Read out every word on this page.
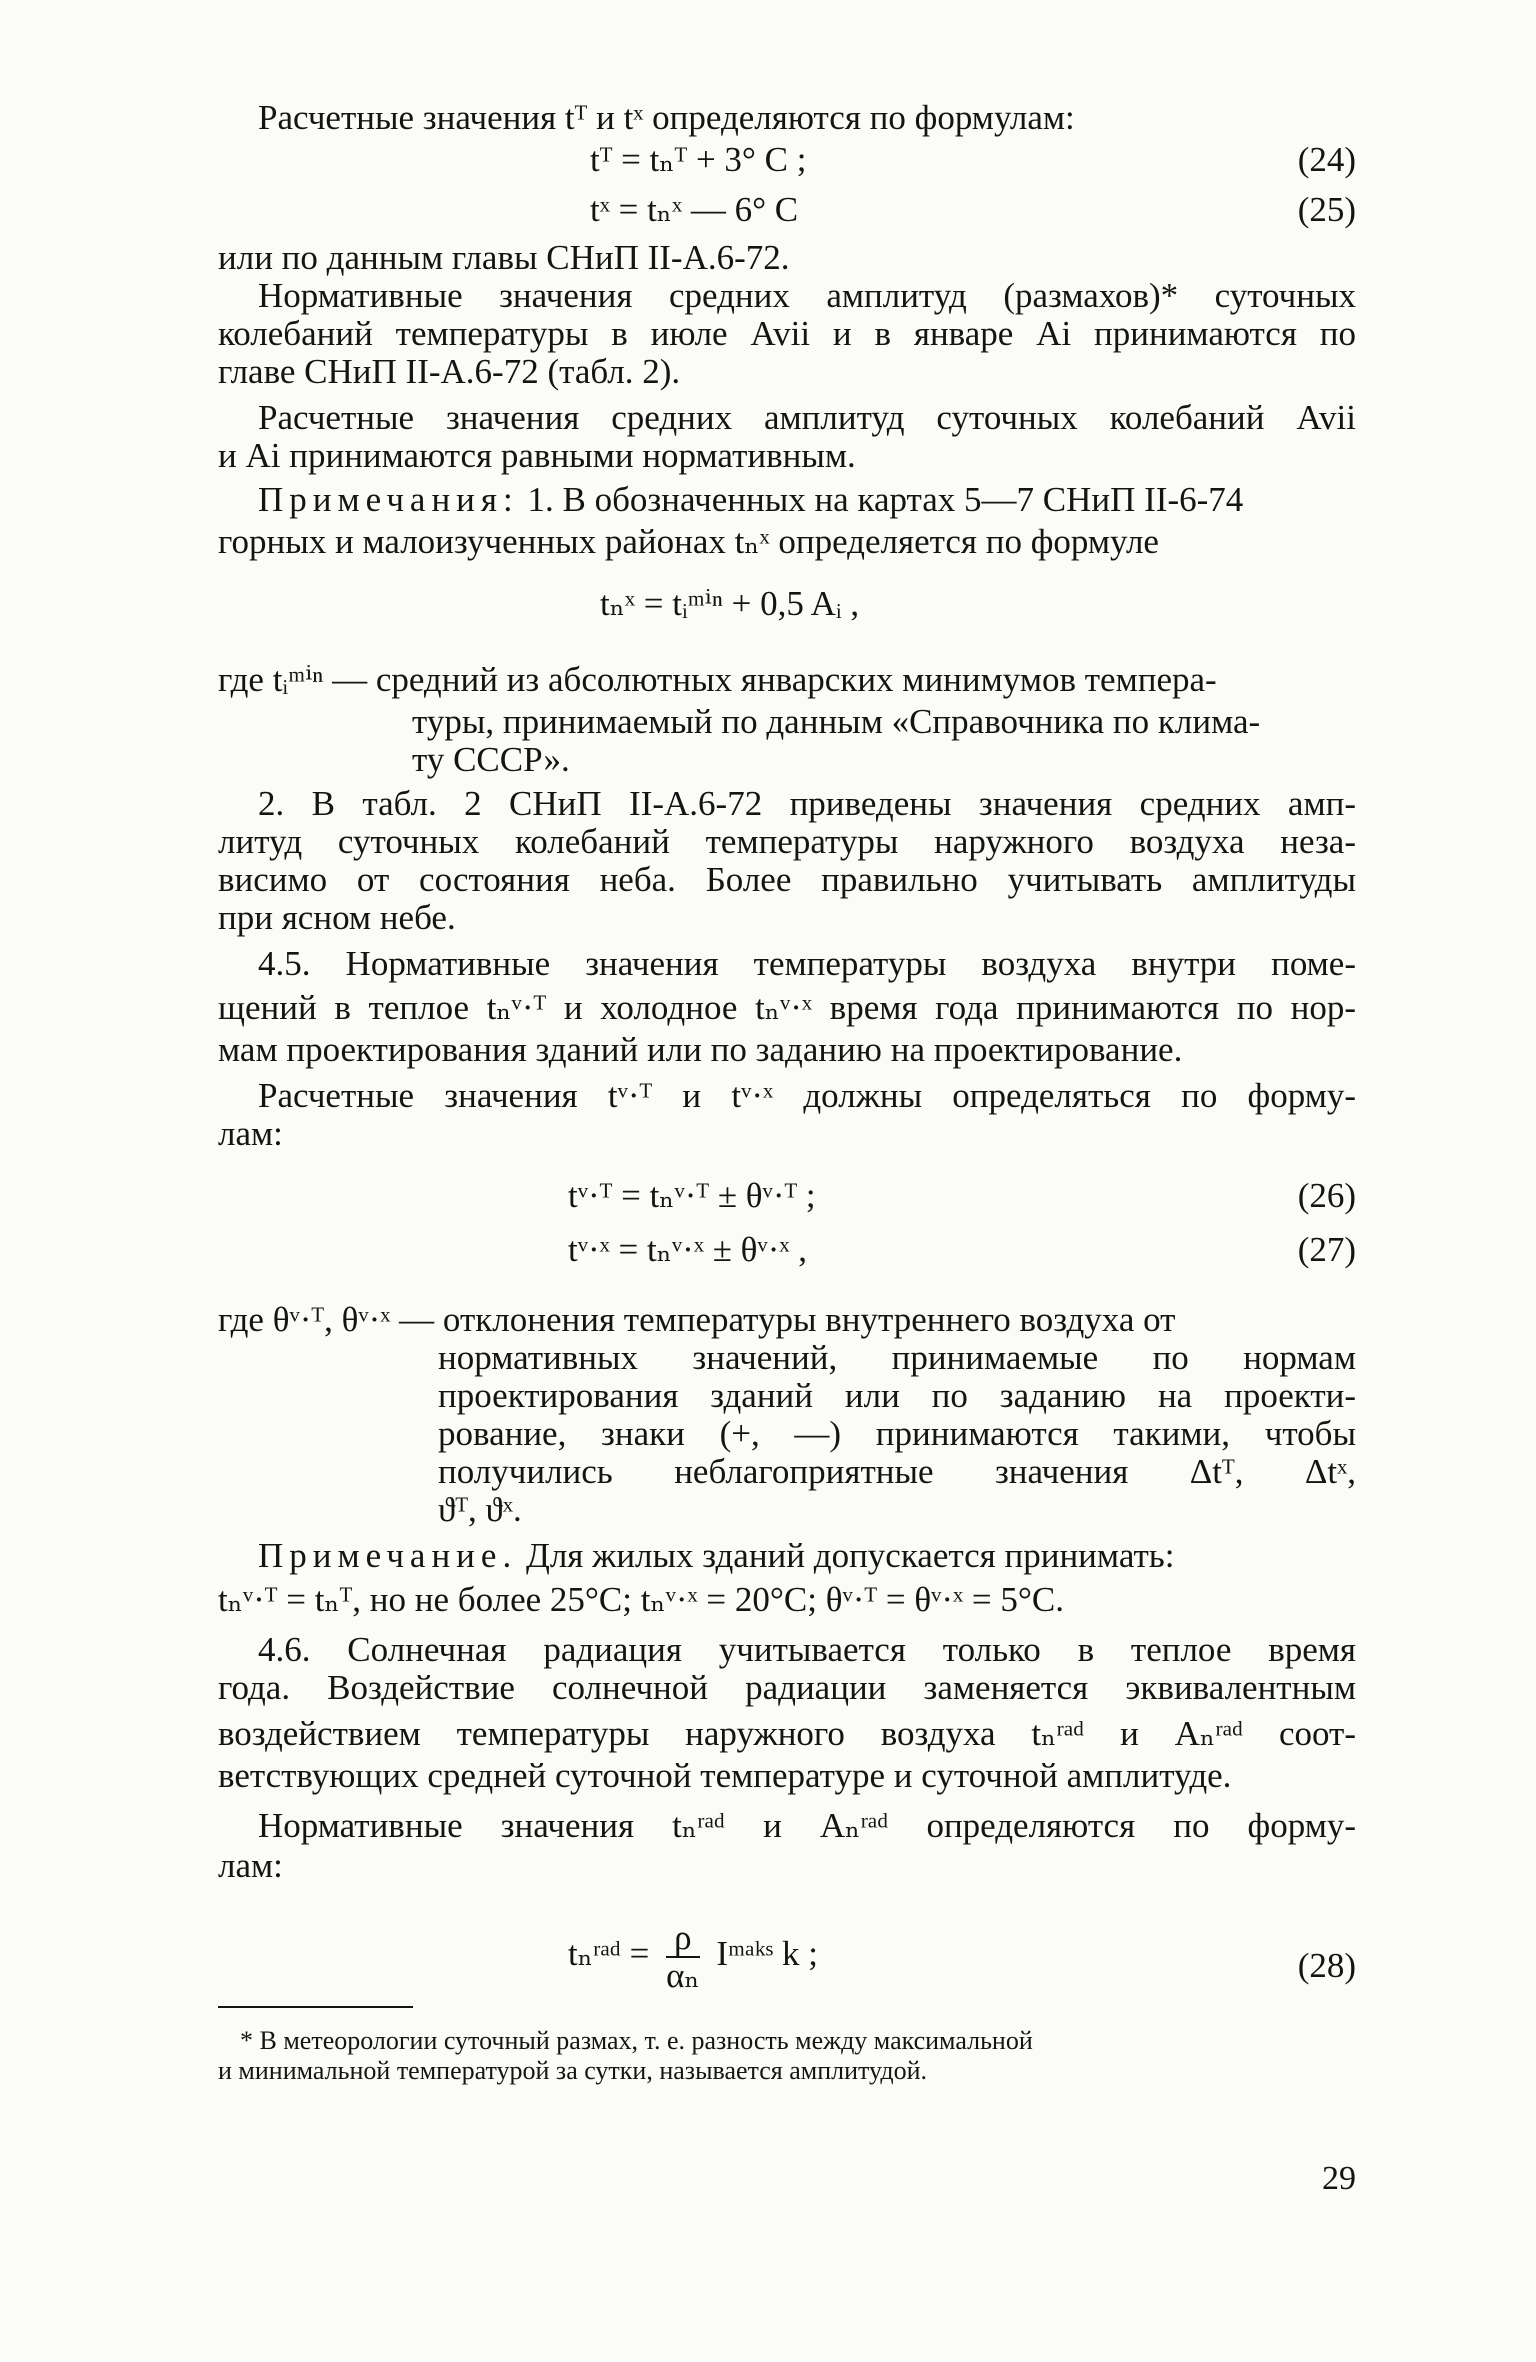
Расчетные значения tᵀ и tˣ определяются по формулам:
tᵀ = tₙᵀ + 3° C ;	(24)
tˣ = tₙˣ — 6° C	(25)
или по данным главы СНиП II-А.6-72.
Нормативные значения средних амплитуд (размахов)* суточных
колебаний температуры в июле Avii и в январе Ai принимаются по
главе СНиП II-А.6-72 (табл. 2).
Расчетные значения средних амплитуд суточных колебаний Avii
и Ai принимаются равными нормативным.
Примечания: 1. В обозначенных на картах 5—7 СНиП II-6-74
горных и малоизученных районах tₙˣ определяется по формуле
tₙˣ = tᵢᵐⁱⁿ + 0,5 Aᵢ ,
где tᵢᵐⁱⁿ — средний из абсолютных январских минимумов темпера-
туры, принимаемый по данным «Справочника по клима-
ту СССР».
2. В табл. 2 СНиП II-А.6-72 приведены значения средних амп-
литуд суточных колебаний температуры наружного воздуха неза-
висимо от состояния неба. Более правильно учитывать амплитуды
при ясном небе.
4.5. Нормативные значения температуры воздуха внутри поме-
щений в теплое tₙᵛ·ᵀ и холодное tₙᵛ·ˣ время года принимаются по нор-
мам проектирования зданий или по заданию на проектирование.
Расчетные значения tᵛ·ᵀ и tᵛ·ˣ должны определяться по форму-
лам:
tᵛ·ᵀ = tₙᵛ·ᵀ ± θᵛ·ᵀ ;	(26)
tᵛ·ˣ = tₙᵛ·ˣ ± θᵛ·ˣ ,	(27)
где θᵛ·ᵀ, θᵛ·ˣ — отклонения температуры внутреннего воздуха от
нормативных значений, принимаемые по нормам
проектирования зданий или по заданию на проекти-
рование, знаки (+, —) принимаются такими, чтобы
получились неблагоприятные значения Δtᵀ, Δtˣ,
ϑᵀ, ϑˣ.
Примечание. Для жилых зданий допускается принимать:
tₙᵛ·ᵀ = tₙᵀ, но не более 25°C; tₙᵛ·ˣ = 20°C; θᵛ·ᵀ = θᵛ·ˣ = 5°C.
4.6. Солнечная радиация учитывается только в теплое время
года. Воздействие солнечной радиации заменяется эквивалентным
воздействием температуры наружного воздуха tₙʳᵃᵈ и Aₙʳᵃᵈ соот-
ветствующих средней суточной температуре и суточной амплитуде.
Нормативные значения tₙʳᵃᵈ и Aₙʳᵃᵈ определяются по форму-
лам:
tₙʳᵃᵈ = $\frac{\rho}{\text{αₙ}}$ Iᵐᵃᵏˢ k ;	(28)
* В метеорологии суточный размах, т. е. разность между максимальной
и минимальной температурой за сутки, называется амплитудой.
29
